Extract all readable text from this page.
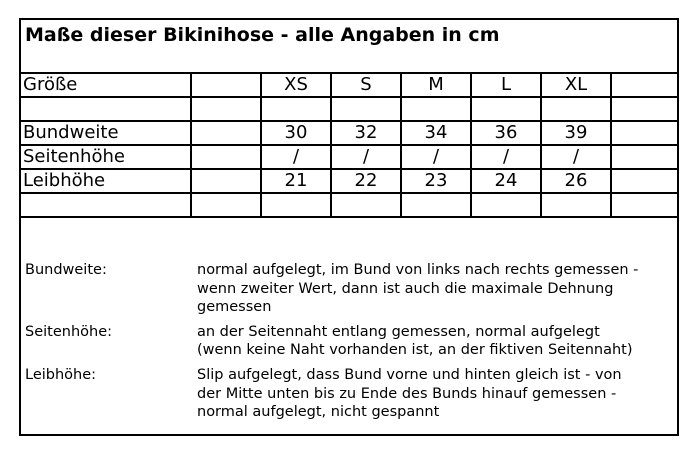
Maße dieser Bikinihose - alle Angaben in cm
Größe		XS	S	M	L	XL	

Bundweite		30	32	34	36	39	
Seitenhöhe		/	/	/	/	/	
Leibhöhe		21	22	23	24	26	

Bundweite:	normal aufgelegt, im Bund von links nach rechts gemessen -
wenn zweiter Wert, dann ist auch die maximale Dehnung
gemessen
Seitenhöhe:	an der Seitennaht entlang gemessen, normal aufgelegt
(wenn keine Naht vorhanden ist, an der fiktiven Seitennaht)
Leibhöhe:	Slip aufgelegt, dass Bund vorne und hinten gleich ist - von
der Mitte unten bis zu Ende des Bunds hinauf gemessen -
normal aufgelegt, nicht gespannt
